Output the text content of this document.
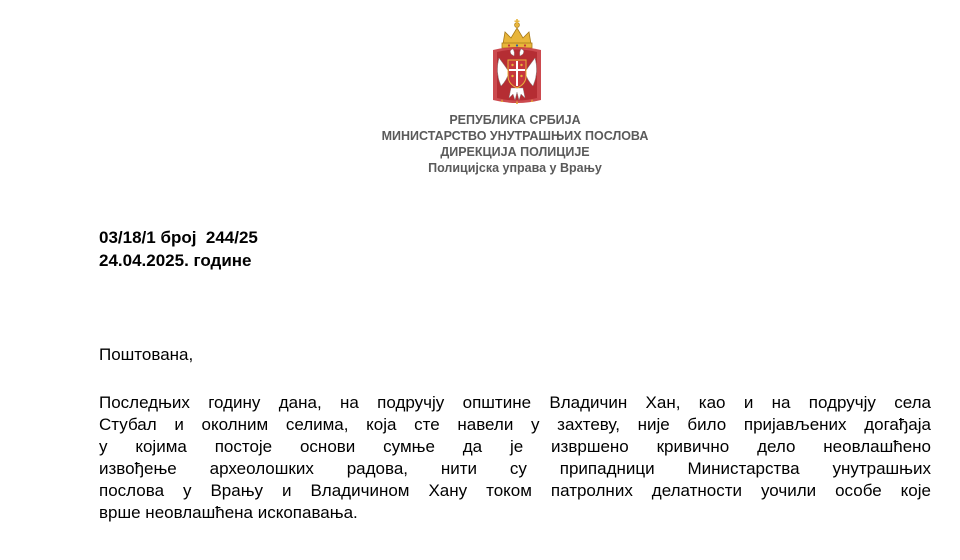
РЕПУБЛИКА СРБИЈА
МИНИСТАРСТВО УНУТРАШЊИХ ПОСЛОВА
ДИРЕКЦИЈА ПОЛИЦИЈЕ
Полицијска управа у Врању
03/18/1 број  244/25
24.04.2025. године
Поштована,
Последњих годину дана, на подручју општине Владичин Хан, као и на подручју села
Стубал и околним селима, која сте навели у захтеву, није било пријављених догађаја
у којима постоје основи сумње да је извршено кривично дело неовлашћено
извођење археолошких радова, нити су припадници Министарства унутрашњих
послова у Врању и Владичином Хану током патролних делатности уочили особе које
врше неовлашћена ископавања.
